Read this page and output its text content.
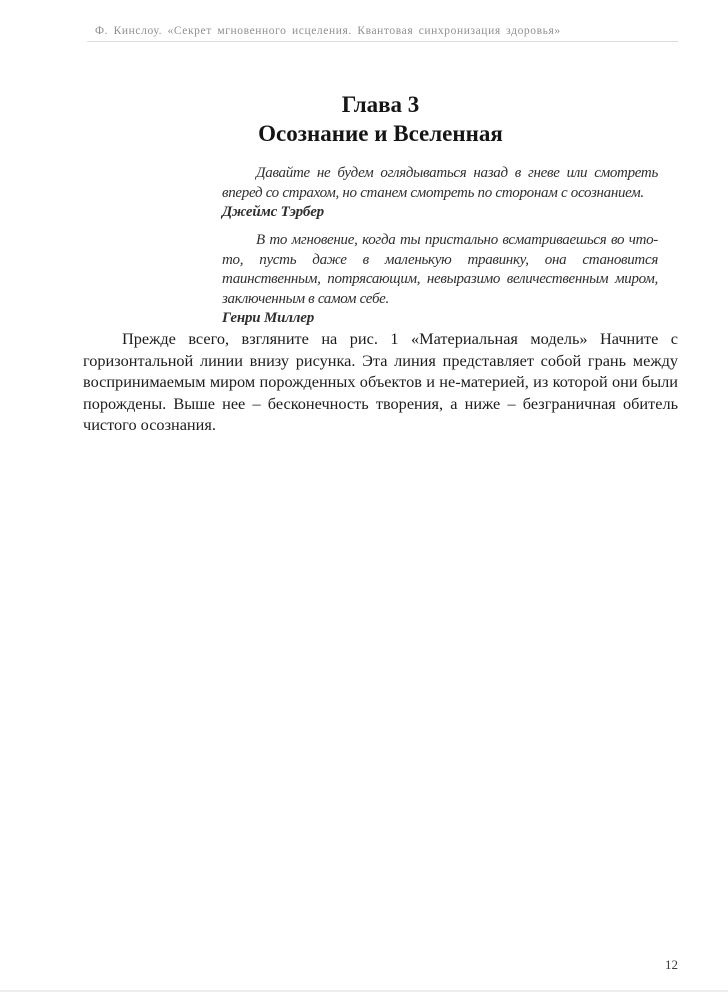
Ф. Кинслоу. «Секрет мгновенного исцеления. Квантовая синхронизация здоровья»
Глава 3
Осознание и Вселенная

Давайте не будем оглядываться назад в гневе или смотреть вперед со страхом, но станем смотреть по сторонам с осознанием.

Джеймс Тэрбер

В то мгновение, когда ты пристально всматриваешься во что-то, пусть даже в маленькую травинку, она становится таинственным, потрясающим, невыразимо величественным миром, заключенным в самом себе.

Генри Миллер

Прежде всего, взгляните на рис. 1 «Материальная модель» Начните с горизонтальной линии внизу рисунка. Эта линия представляет собой грань между воспринимаемым миром порожденных объектов и не-материей, из которой они были порождены. Выше нее – бесконечность творения, а ниже – безграничная обитель чистого осознания.

12
